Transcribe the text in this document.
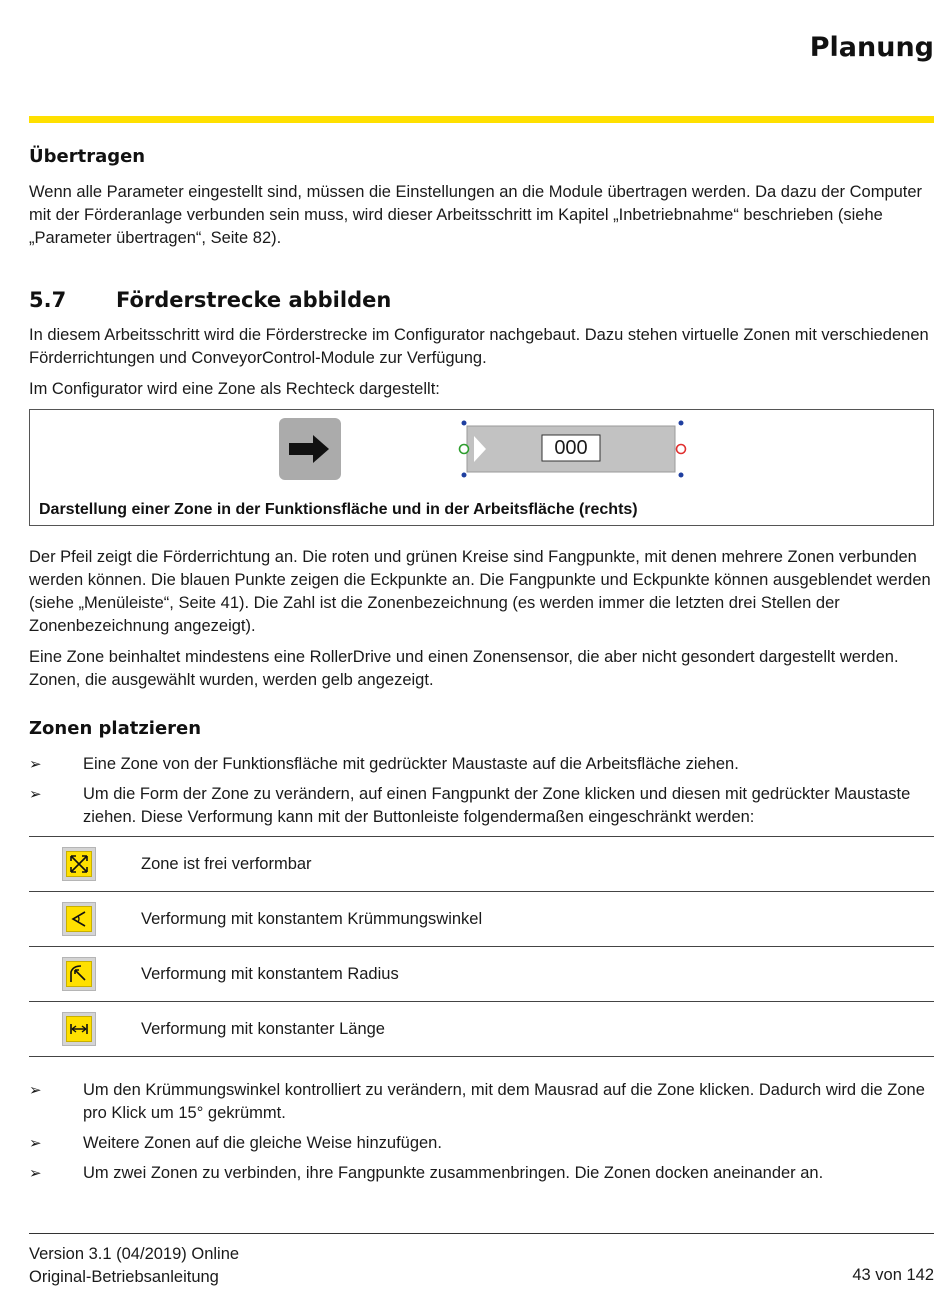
Planung
Übertragen

Wenn alle Parameter eingestellt sind, müssen die Einstellungen an die Module übertragen werden. Da dazu der Computer mit der Förderanlage verbunden sein muss, wird dieser Arbeitsschritt im Kapitel „Inbetriebnahme“ beschrieben (siehe „Parameter übertragen“, Seite 82).

5.7	Förderstrecke abbilden

In diesem Arbeitsschritt wird die Förderstrecke im Configurator nachgebaut. Dazu stehen virtuelle Zonen mit verschiedenen Förderrichtungen und ConveyorControl-Module zur Verfügung.

Im Configurator wird eine Zone als Rechteck dargestellt:

000
Darstellung einer Zone in der Funktionsfläche und in der Arbeitsfläche (rechts)

Der Pfeil zeigt die Förderrichtung an. Die roten und grünen Kreise sind Fangpunkte, mit denen mehrere Zonen verbunden werden können. Die blauen Punkte zeigen die Eckpunkte an. Die Fangpunkte und Eckpunkte können ausgeblendet werden (siehe „Menüleiste“, Seite 41). Die Zahl ist die Zonenbezeichnung (es werden immer die letzten drei Stellen der Zonenbezeichnung angezeigt).

Eine Zone beinhaltet mindestens eine RollerDrive und einen Zonensensor, die aber nicht gesondert dargestellt werden. Zonen, die ausgewählt wurden, werden gelb angezeigt.

Zonen platzieren
➢	Eine Zone von der Funktionsfläche mit gedrückter Maustaste auf die Arbeitsfläche ziehen.
➢	Um die Form der Zone zu verändern, auf einen Fangpunkt der Zone klicken und diesen mit gedrückter Maustaste ziehen. Diese Verformung kann mit der Buttonleiste folgendermaßen eingeschränkt werden:
Zone ist frei verformbar
Verformung mit konstantem Krümmungswinkel
Verformung mit konstantem Radius
Verformung mit konstanter Länge
➢	Um den Krümmungswinkel kontrolliert zu verändern, mit dem Mausrad auf die Zone klicken. Dadurch wird die Zone pro Klick um 15° gekrümmt.
➢	Weitere Zonen auf die gleiche Weise hinzufügen.
➢	Um zwei Zonen zu verbinden, ihre Fangpunkte zusammenbringen. Die Zonen docken aneinander an.
Version 3.1 (04/2019) Online
Original-Betriebsanleitung	43 von 142
